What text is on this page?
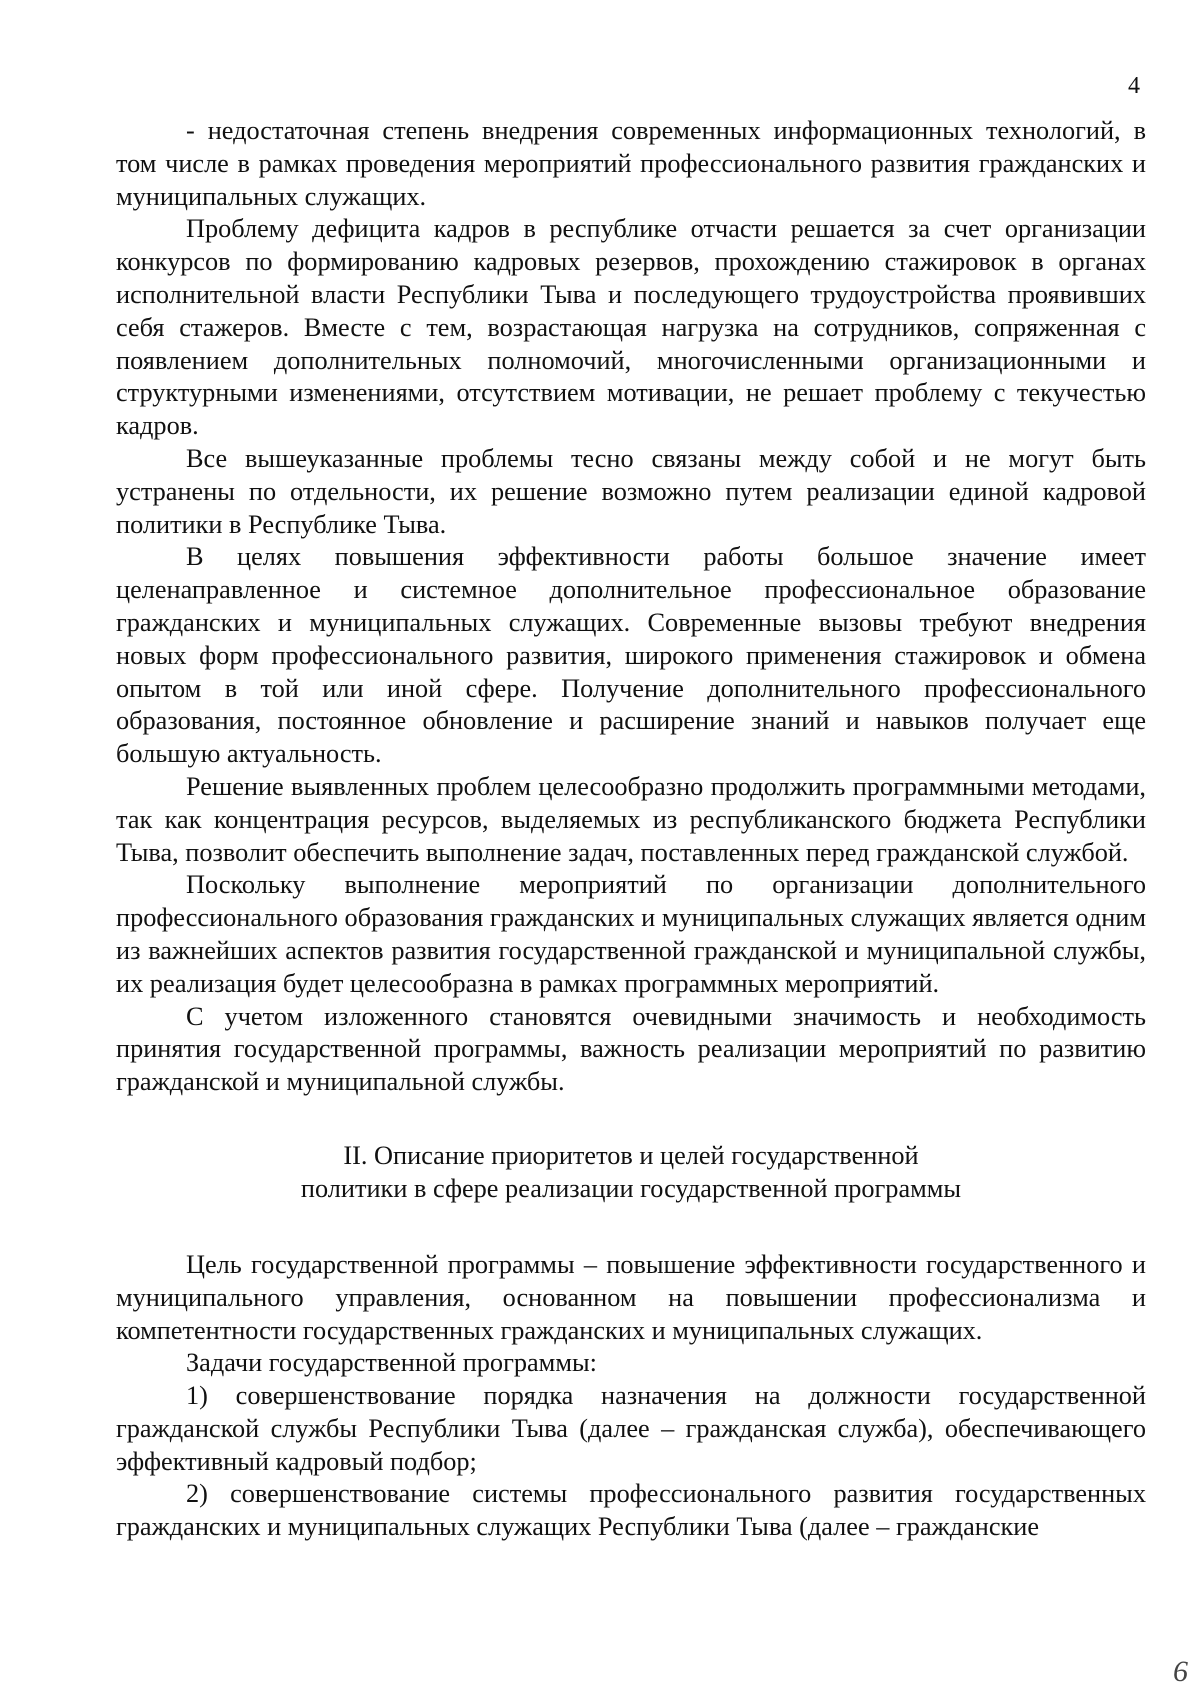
4

- недостаточная степень внедрения современных информационных технологий, в том числе в рамках проведения мероприятий профессионального развития гражданских и муниципальных служащих.

Проблему дефицита кадров в республике отчасти решается за счет организации конкурсов по формированию кадровых резервов, прохождению стажировок в органах исполнительной власти Республики Тыва и последующего трудоустройства проявивших себя стажеров. Вместе с тем, возрастающая нагрузка на сотрудников, сопряженная с появлением дополнительных полномочий, многочисленными организационными и структурными изменениями, отсутствием мотивации, не решает проблему с текучестью кадров.

Все вышеуказанные проблемы тесно связаны между собой и не могут быть устранены по отдельности, их решение возможно путем реализации единой кадровой политики в Республике Тыва.

В целях повышения эффективности работы большое значение имеет целенаправленное и системное дополнительное профессиональное образование гражданских и муниципальных служащих. Современные вызовы требуют внедрения новых форм профессионального развития, широкого применения стажировок и обмена опытом в той или иной сфере. Получение дополнительного профессионального образования, постоянное обновление и расширение знаний и навыков получает еще большую актуальность.

Решение выявленных проблем целесообразно продолжить программными методами, так как концентрация ресурсов, выделяемых из республиканского бюджета Республики Тыва, позволит обеспечить выполнение задач, поставленных перед гражданской службой.

Поскольку выполнение мероприятий по организации дополнительного профессионального образования гражданских и муниципальных служащих является одним из важнейших аспектов развития государственной гражданской и муниципальной службы, их реализация будет целесообразна в рамках программных мероприятий.

С учетом изложенного становятся очевидными значимость и необходимость принятия государственной программы, важность реализации мероприятий по развитию гражданской и муниципальной службы.

II. Описание приоритетов и целей государственной
политики в сфере реализации государственной программы

Цель государственной программы – повышение эффективности государственного и муниципального управления, основанном на повышении профессионализма и компетентности государственных гражданских и муниципальных служащих.

Задачи государственной программы:

1) совершенствование порядка назначения на должности государственной гражданской службы Республики Тыва (далее – гражданская служба), обеспечивающего эффективный кадровый подбор;

2) совершенствование системы профессионального развития государственных гражданских и муниципальных служащих Республики Тыва (далее – гражданские

6
